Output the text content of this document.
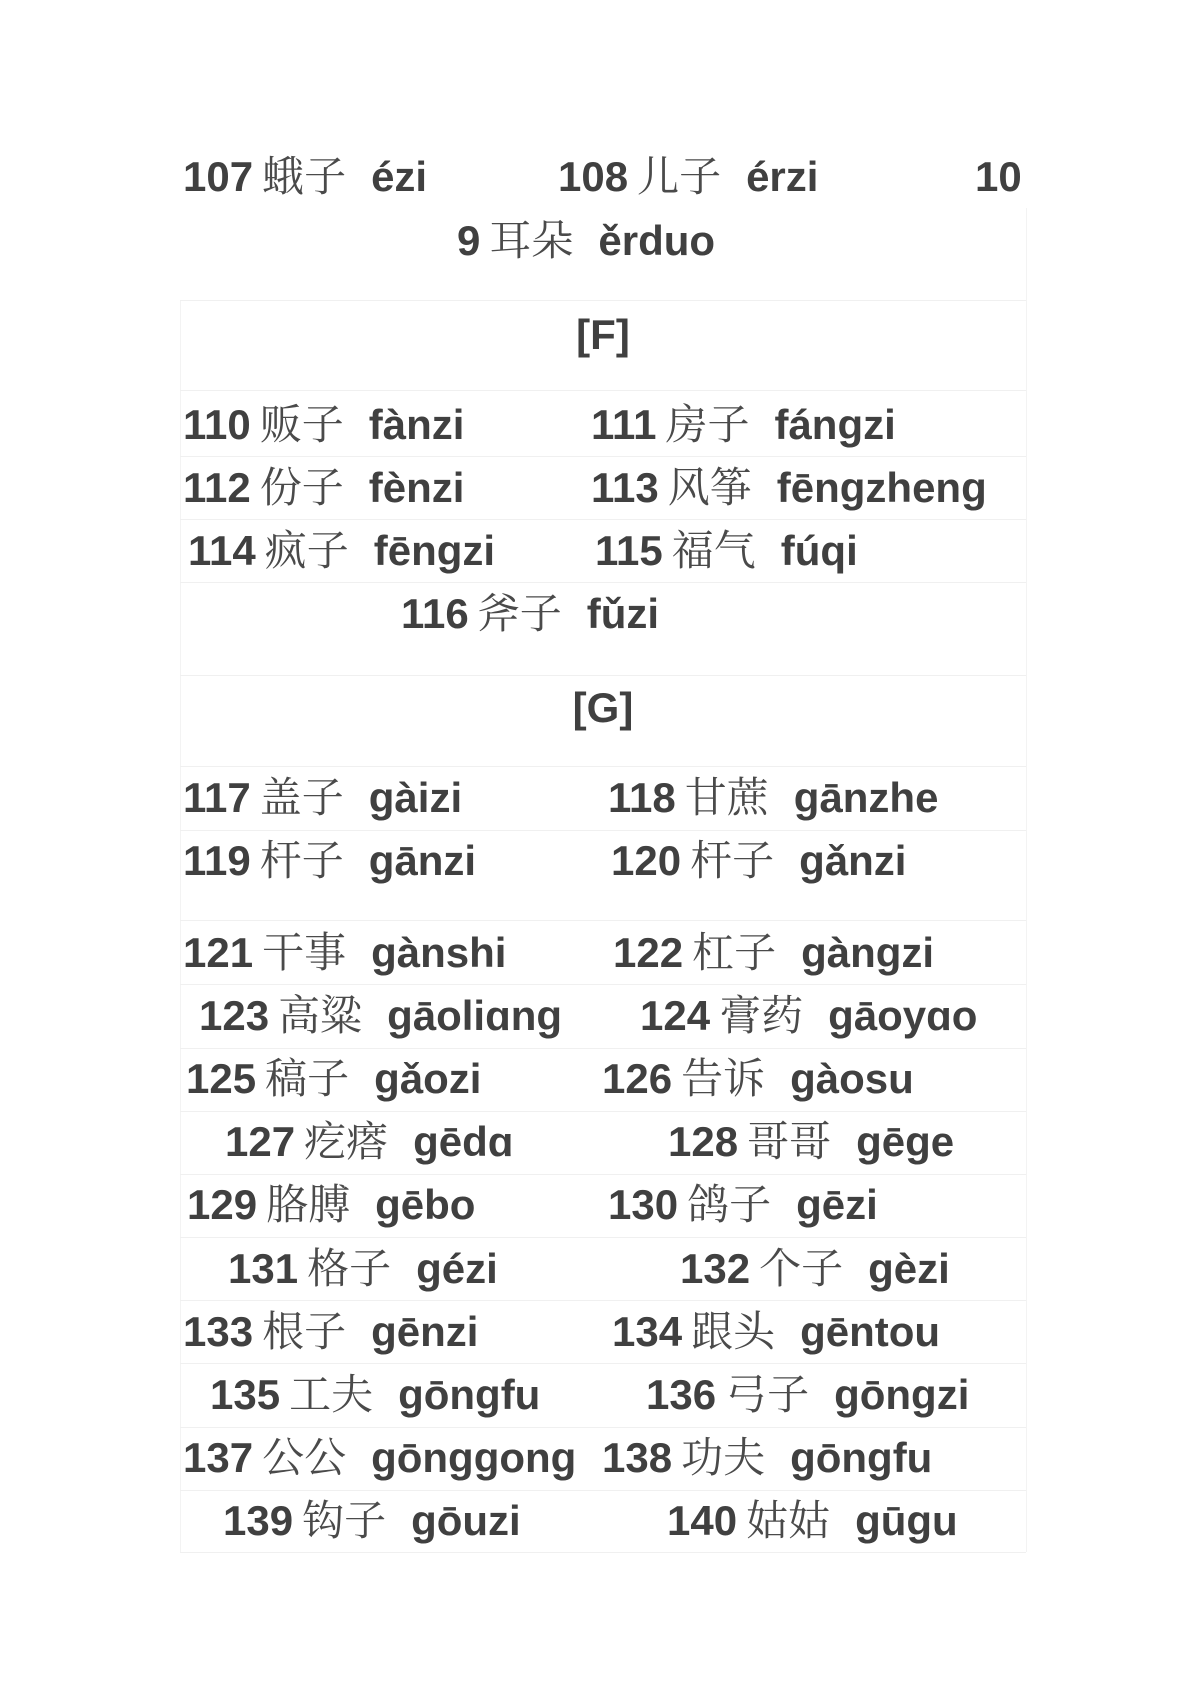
107 蛾子 ézi	108 儿子 érzi	10
9 耳朵 ěrduo
[F]
110 贩子 fànzi	111 房子 fánɡzi
112 份子 fènzi	113 风筝 fēnɡzhenɡ
114 疯子 fēnɡzi 115 福气 fúqi
116 斧子 fǔzi
[G]
117 盖子 ɡàizi	118 甘蔗 ɡānzhe
119 杆子 ɡānzi	120 杆子 ɡǎnzi
121 干事 ɡànshi	122 杠子 ɡànɡzi
123 高粱 ɡāoliɑnɡ 124 膏药 ɡāoyɑo
125 稿子 ɡǎozi	126 告诉 ɡàosu
127 疙瘩 ɡēdɑ	128 哥哥 ɡēɡe
129 胳膊 ɡēbo	130 鸽子 ɡēzi
131 格子 ɡézi	132 个子 ɡèzi
133 根子 ɡēnzi	134 跟头 ɡēntou
135 工夫 ɡōnɡfu	136 弓子 ɡōnɡzi
137 公公 ɡōnɡɡonɡ 138 功夫 ɡōnɡfu
139 钩子 ɡōuzi	140 姑姑 ɡūɡu
